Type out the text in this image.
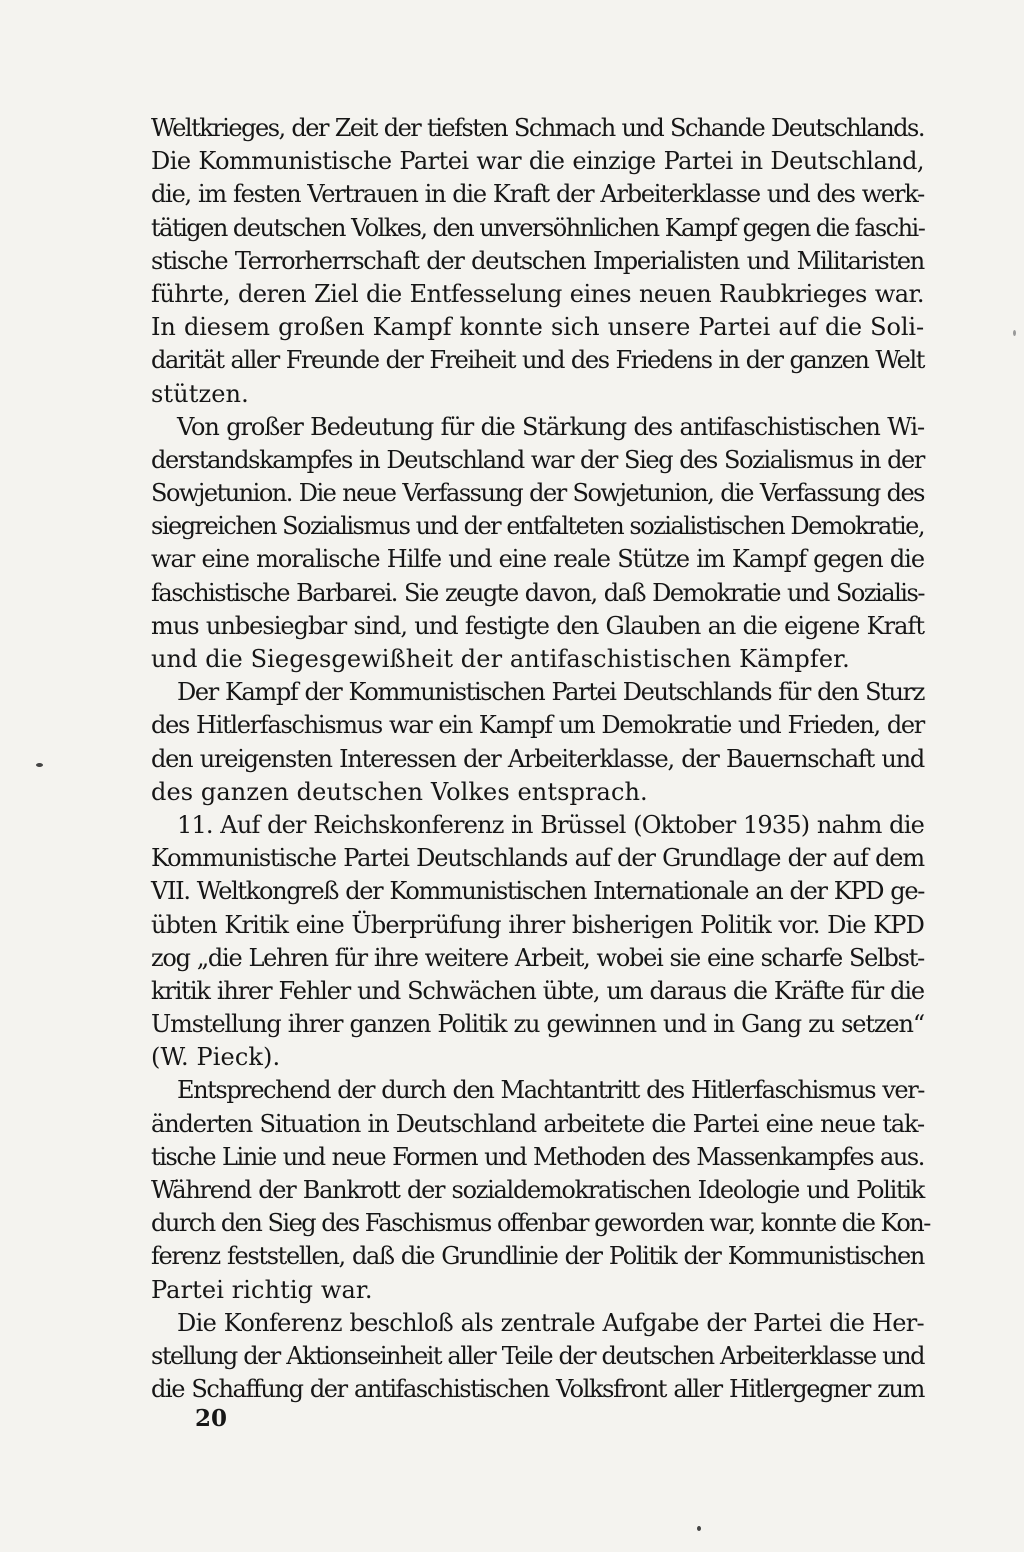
Weltkrieges, der Zeit der tiefsten Schmach und Schande Deutschlands.
Die Kommunistische Partei war die einzige Partei in Deutschland,
die, im festen Vertrauen in die Kraft der Arbeiterklasse und des werk-
tätigen deutschen Volkes, den unversöhnlichen Kampf gegen die faschi-
stische Terrorherrschaft der deutschen Imperialisten und Militaristen
führte, deren Ziel die Entfesselung eines neuen Raubkrieges war.
In diesem großen Kampf konnte sich unsere Partei auf die Soli-
darität aller Freunde der Freiheit und des Friedens in der ganzen Welt
stützen.
Von großer Bedeutung für die Stärkung des antifaschistischen Wi-
derstandskampfes in Deutschland war der Sieg des Sozialismus in der
Sowjetunion. Die neue Verfassung der Sowjetunion, die Verfassung des
siegreichen Sozialismus und der entfalteten sozialistischen Demokratie,
war eine moralische Hilfe und eine reale Stütze im Kampf gegen die
faschistische Barbarei. Sie zeugte davon, daß Demokratie und Sozialis-
mus unbesiegbar sind, und festigte den Glauben an die eigene Kraft
und die Siegesgewißheit der antifaschistischen Kämpfer.
Der Kampf der Kommunistischen Partei Deutschlands für den Sturz
des Hitlerfaschismus war ein Kampf um Demokratie und Frieden, der
den ureigensten Interessen der Arbeiterklasse, der Bauernschaft und
des ganzen deutschen Volkes entsprach.
11. Auf der Reichskonferenz in Brüssel (Oktober 1935) nahm die
Kommunistische Partei Deutschlands auf der Grundlage der auf dem
VII. Weltkongreß der Kommunistischen Internationale an der KPD ge-
übten Kritik eine Überprüfung ihrer bisherigen Politik vor. Die KPD
zog „die Lehren für ihre weitere Arbeit, wobei sie eine scharfe Selbst-
kritik ihrer Fehler und Schwächen übte, um daraus die Kräfte für die
Umstellung ihrer ganzen Politik zu gewinnen und in Gang zu setzen“
(W. Pieck).
Entsprechend der durch den Machtantritt des Hitlerfaschismus ver-
änderten Situation in Deutschland arbeitete die Partei eine neue tak-
tische Linie und neue Formen und Methoden des Massenkampfes aus.
Während der Bankrott der sozialdemokratischen Ideologie und Politik
durch den Sieg des Faschismus offenbar geworden war, konnte die Kon-
ferenz feststellen, daß die Grundlinie der Politik der Kommunistischen
Partei richtig war.
Die Konferenz beschloß als zentrale Aufgabe der Partei die Her-
stellung der Aktionseinheit aller Teile der deutschen Arbeiterklasse und
die Schaffung der antifaschistischen Volksfront aller Hitlergegner zum
20
